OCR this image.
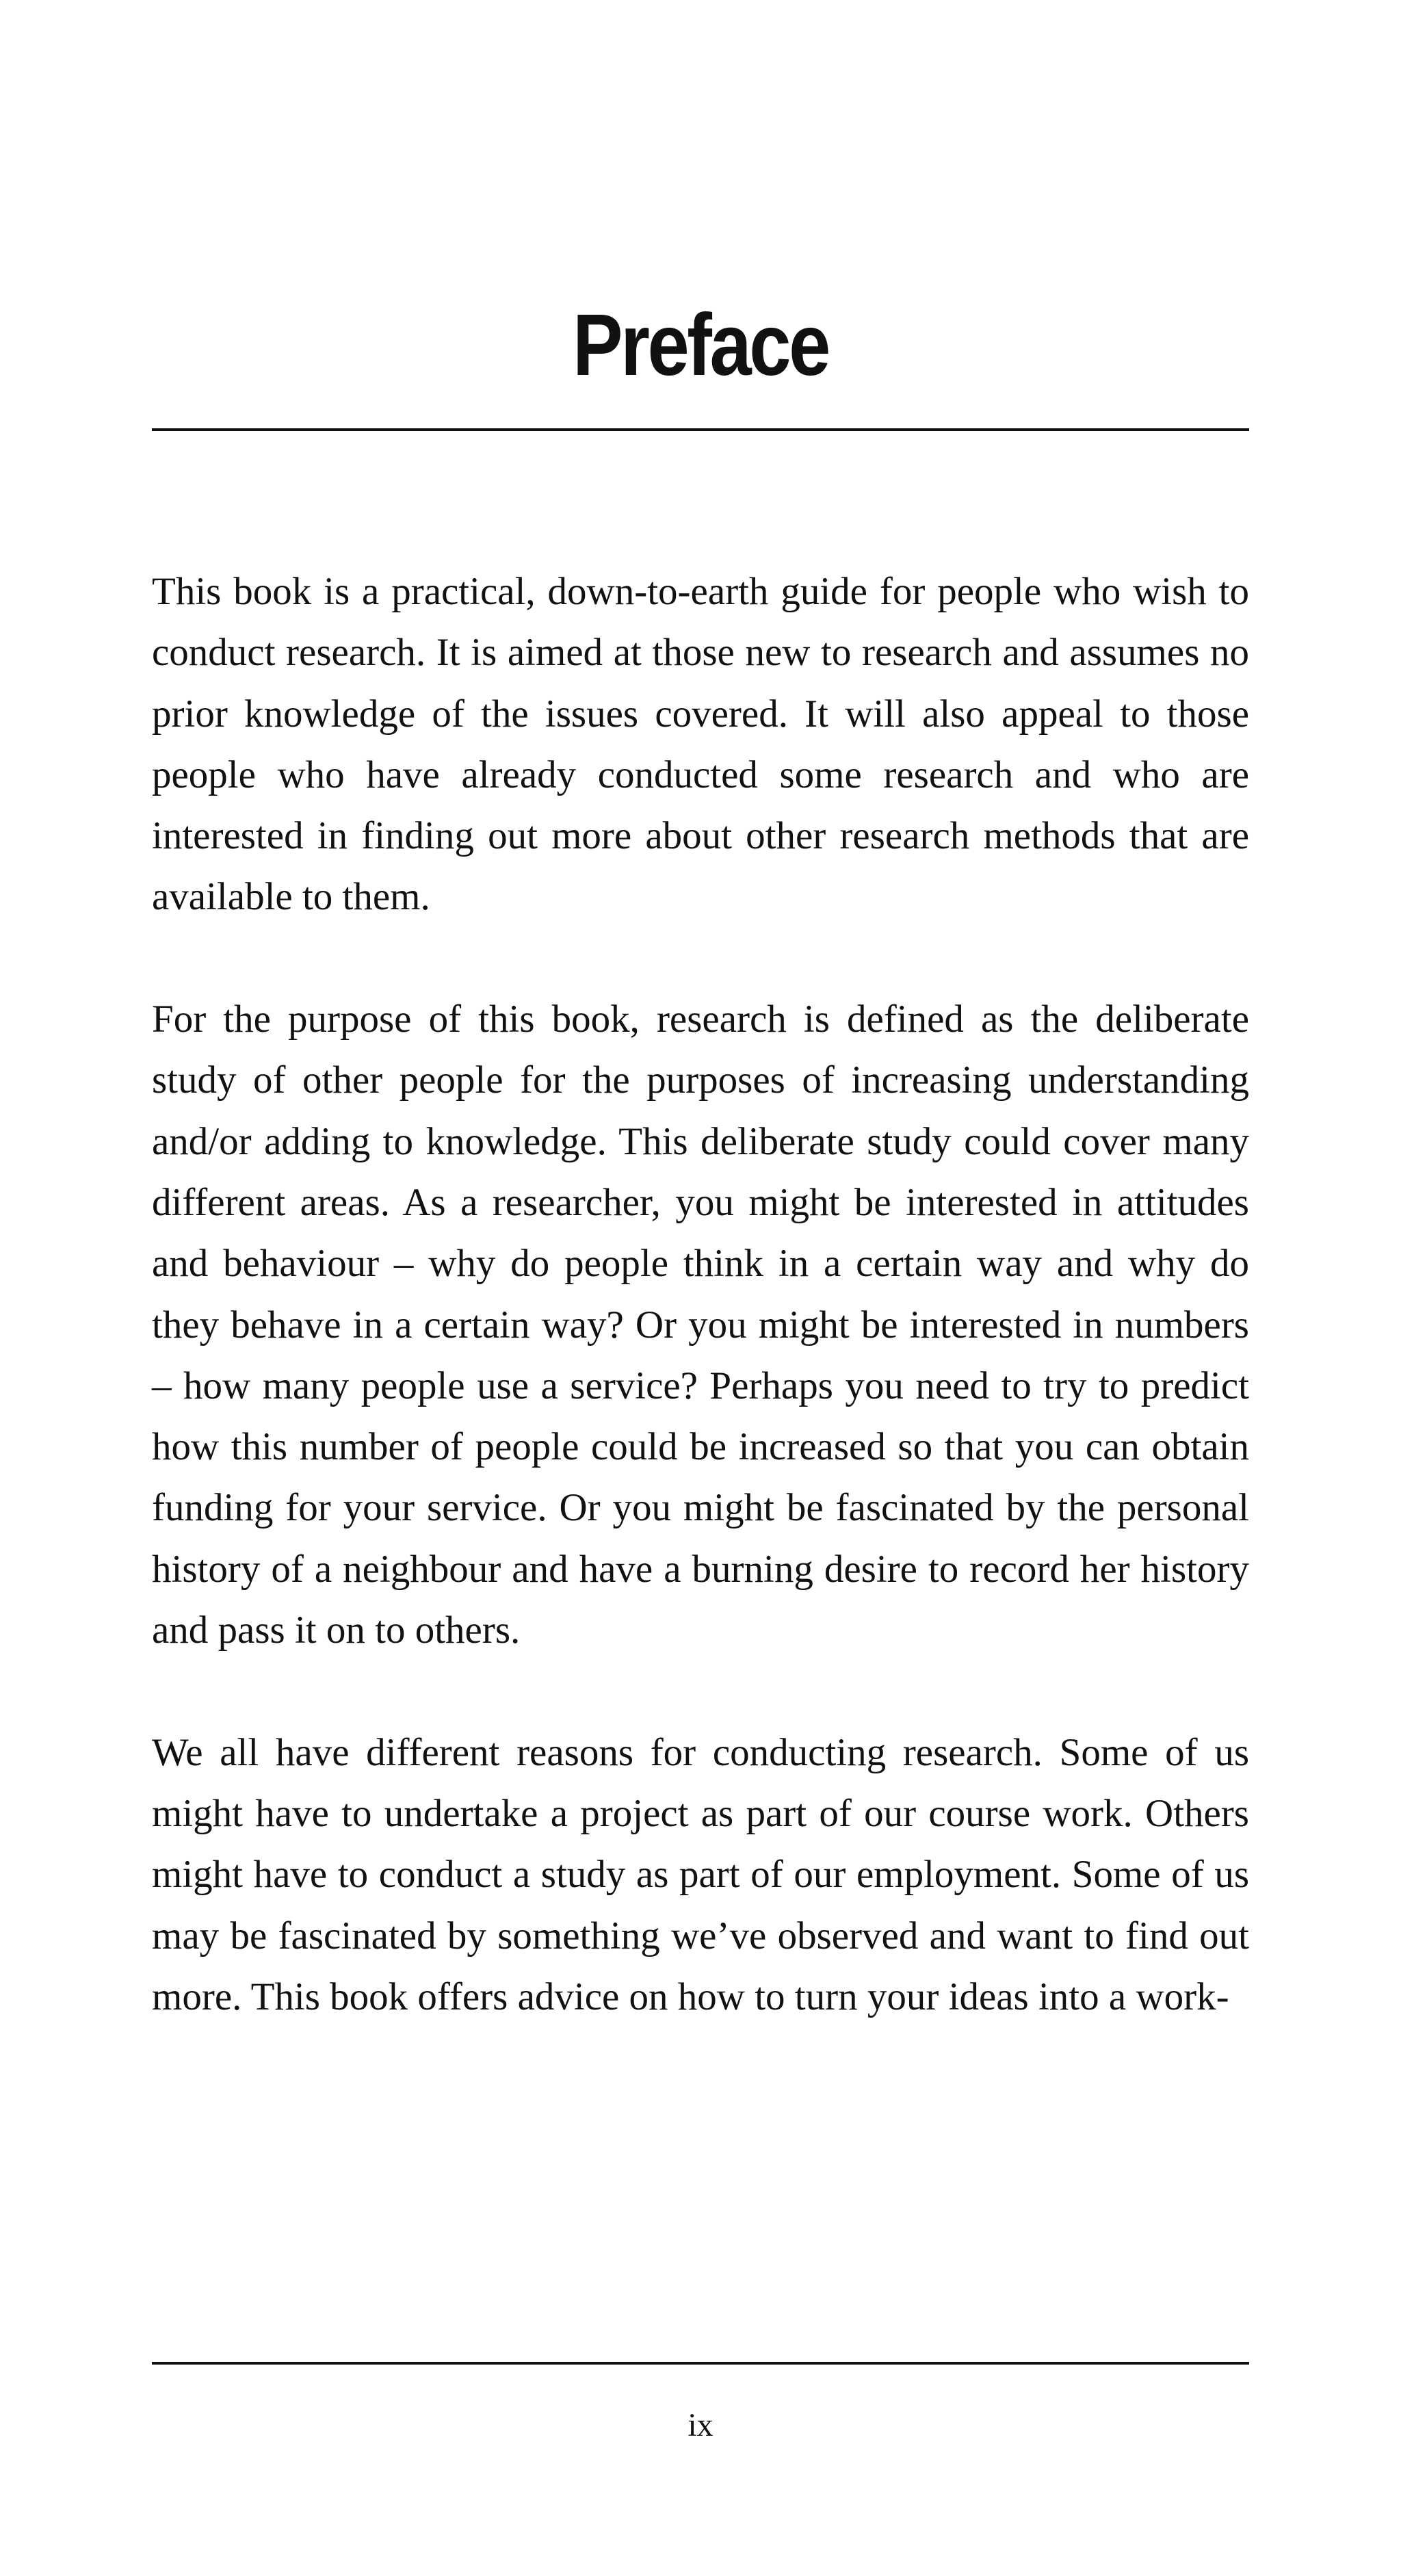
Preface

This book is a practical, down-to-earth guide for people who wish to conduct research. It is aimed at those new to research and assumes no prior knowledge of the issues covered. It will also appeal to those people who have already conducted some research and who are interested in finding out more about other research methods that are available to them.

For the purpose of this book, research is defined as the deliberate study of other people for the purposes of increasing understanding and/or adding to knowledge. This deliberate study could cover many different areas. As a researcher, you might be interested in attitudes and behaviour – why do people think in a certain way and why do they behave in a certain way? Or you might be interested in numbers – how many people use a service? Perhaps you need to try to predict how this number of people could be increased so that you can obtain funding for your service. Or you might be fascinated by the personal history of a neighbour and have a burning desire to record her history and pass it on to others.

We all have different reasons for conducting research. Some of us might have to undertake a project as part of our course work. Others might have to conduct a study as part of our employment. Some of us may be fascinated by something we’ve observed and want to find out more. This book offers advice on how to turn your ideas into a work-

ix
